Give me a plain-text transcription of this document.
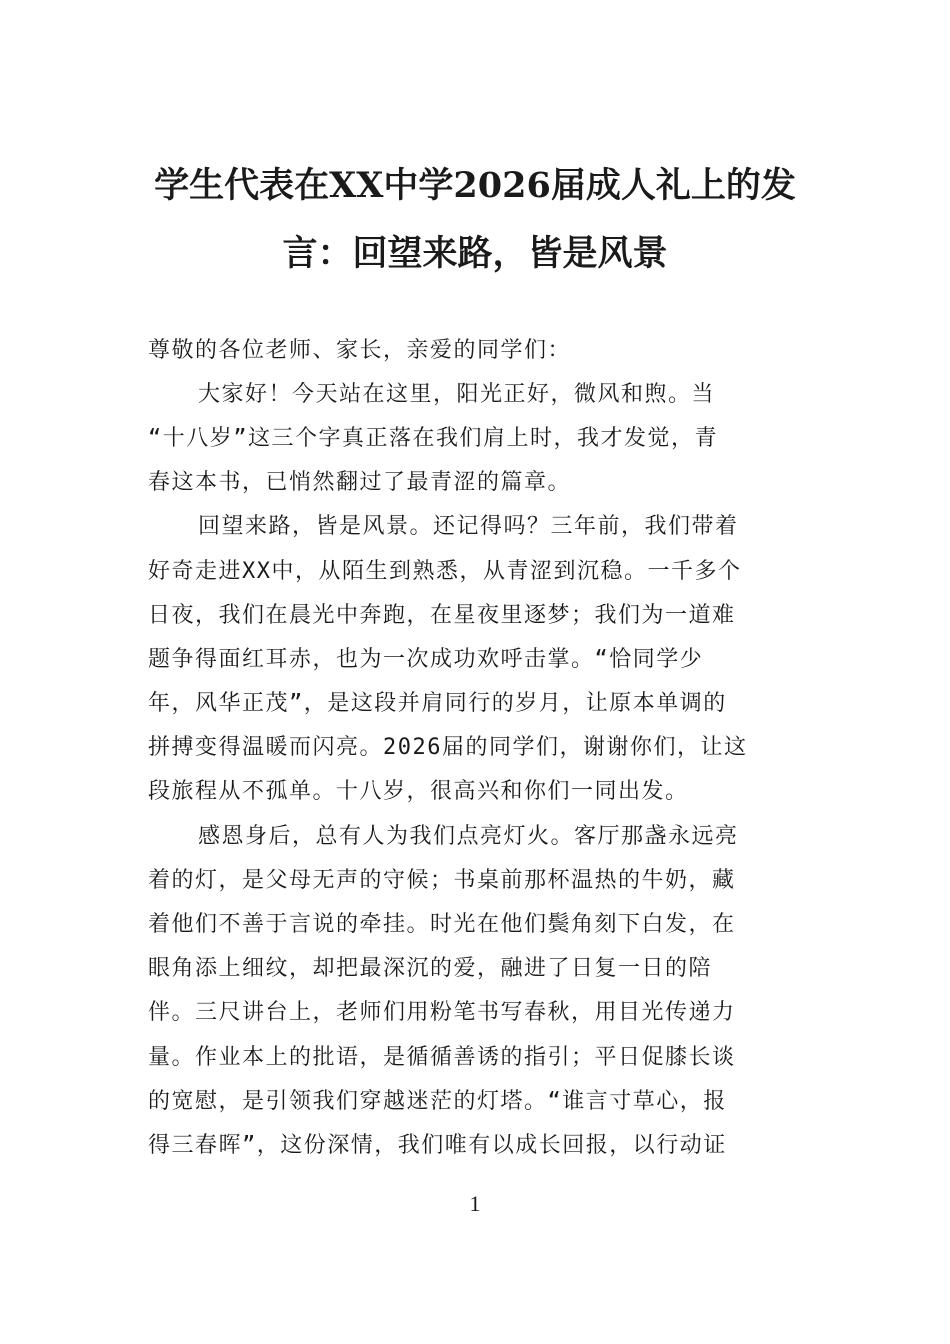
学生代表在XX中学2026届成人礼上的发
言：回望来路，皆是风景

尊敬的各位老师、家长，亲爱的同学们：

大家好！今天站在这里，阳光正好，微风和煦。当

“十八岁”这三个字真正落在我们肩上时，我才发觉，青

春这本书，已悄然翻过了最青涩的篇章。

回望来路，皆是风景。还记得吗？三年前，我们带着

好奇走进XX中，从陌生到熟悉，从青涩到沉稳。一千多个

日夜，我们在晨光中奔跑，在星夜里逐梦；我们为一道难

题争得面红耳赤，也为一次成功欢呼击掌。“恰同学少

年，风华正茂”，是这段并肩同行的岁月，让原本单调的

拼搏变得温暖而闪亮。2026届的同学们，谢谢你们，让这

段旅程从不孤单。十八岁，很高兴和你们一同出发。

感恩身后，总有人为我们点亮灯火。客厅那盏永远亮

着的灯，是父母无声的守候；书桌前那杯温热的牛奶，藏

着他们不善于言说的牵挂。时光在他们鬓角刻下白发，在

眼角添上细纹，却把最深沉的爱，融进了日复一日的陪

伴。三尺讲台上，老师们用粉笔书写春秋，用目光传递力

量。作业本上的批语，是循循善诱的指引；平日促膝长谈

的宽慰，是引领我们穿越迷茫的灯塔。“谁言寸草心，报

得三春晖”，这份深情，我们唯有以成长回报，以行动证

1
